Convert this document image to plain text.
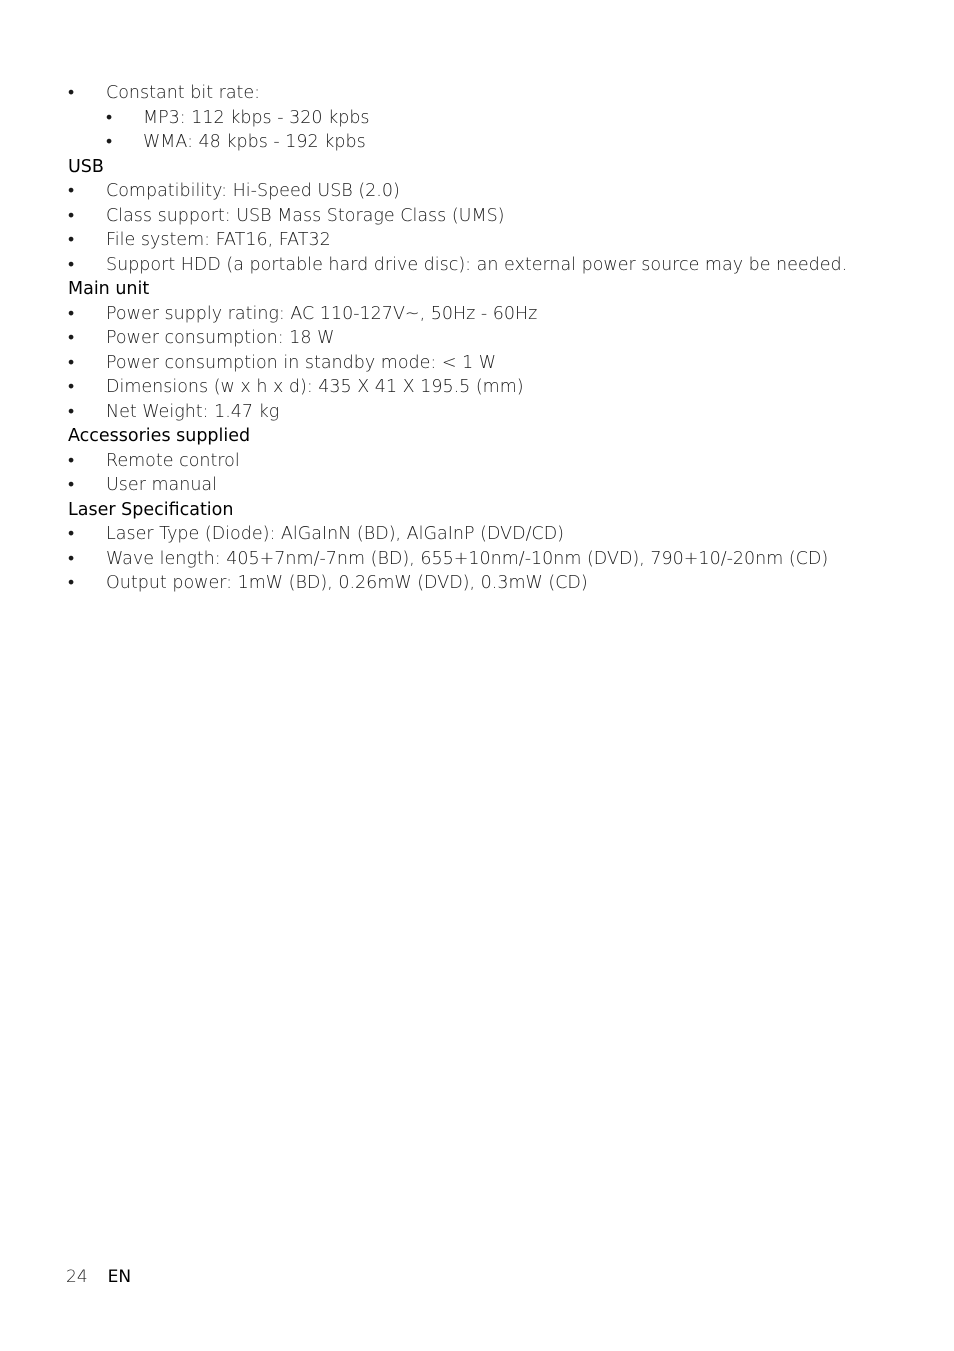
• Constant bit rate:
• MP3: 112 kbps - 320 kpbs
• WMA: 48 kpbs - 192 kpbs
USB
• Compatibility: Hi-Speed USB (2.0)
• Class support: USB Mass Storage Class (UMS)
• File system: FAT16, FAT32
• Support HDD (a portable hard drive disc): an external power source may be needed.
Main unit
• Power supply rating: AC 110-127V~, 50Hz - 60Hz
• Power consumption: 18 W
• Power consumption in standby mode: < 1 W
• Dimensions (w x h x d): 435 X 41 X 195.5 (mm)
• Net Weight: 1.47 kg
Accessories supplied
• Remote control
• User manual
Laser Specification
• Laser Type (Diode): AlGaInN (BD), AlGaInP (DVD/CD)
• Wave length: 405+7nm/-7nm (BD), 655+10nm/-10nm (DVD), 790+10/-20nm (CD)
• Output power: 1mW (BD), 0.26mW (DVD), 0.3mW (CD)
24 EN
